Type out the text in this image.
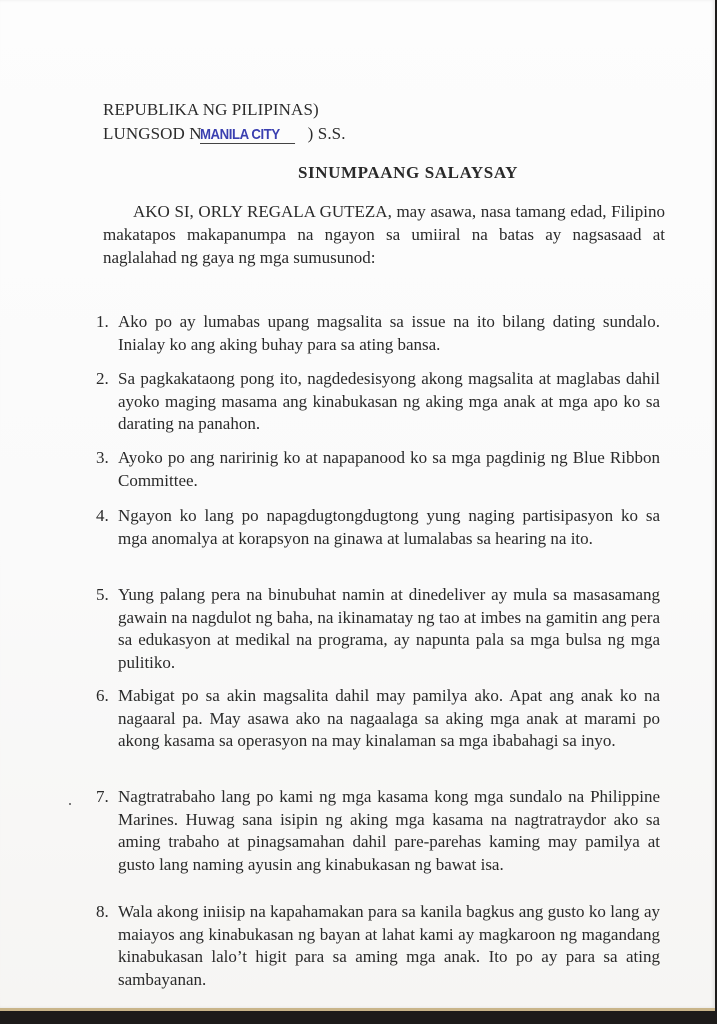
REPUBLIKA NG PILIPINAS)
LUNGSOD NMANILA CITY ) S.S.
SINUMPAANG SALAYSAY
AKO SI, ORLY REGALA GUTEZA, may asawa, nasa tamang edad, Filipino makatapos makapanumpa na ngayon sa umiiral na batas ay nagsasaad at naglalahad ng gaya ng mga sumusunod:
1. Ako po ay lumabas upang magsalita sa issue na ito bilang dating sundalo. Inialay ko ang aking buhay para sa ating bansa.
2. Sa pagkakataong pong ito, nagdedesisyong akong magsalita at maglabas dahil ayoko maging masama ang kinabukasan ng aking mga anak at mga apo ko sa darating na panahon.
3. Ayoko po ang naririnig ko at napapanood ko sa mga pagdinig ng Blue Ribbon Committee.
4. Ngayon ko lang po napagdugtongdugtong yung naging partisipasyon ko sa mga anomalya at korapsyon na ginawa at lumalabas sa hearing na ito.
5. Yung palang pera na binubuhat namin at dinedeliver ay mula sa masasamang gawain na nagdulot ng baha, na ikinamatay ng tao at imbes na gamitin ang pera sa edukasyon at medikal na programa, ay napunta pala sa mga bulsa ng mga pulitiko.
6. Mabigat po sa akin magsalita dahil may pamilya ako. Apat ang anak ko na nagaaral pa. May asawa ako na nagaalaga sa aking mga anak at marami po akong kasama sa operasyon na may kinalaman sa mga ibabahagi sa inyo.
7. Nagtratrabaho lang po kami ng mga kasama kong mga sundalo na Philippine Marines. Huwag sana isipin ng aking mga kasama na nagtratraydor ako sa aming trabaho at pinagsamahan dahil pare-parehas kaming may pamilya at gusto lang naming ayusin ang kinabukasan ng bawat isa.
8. Wala akong iniisip na kapahamakan para sa kanila bagkus ang gusto ko lang ay maiayos ang kinabukasan ng bayan at lahat kami ay magkaroon ng magandang kinabukasan lalo’t higit para sa aming mga anak. Ito po ay para sa ating sambayanan.
